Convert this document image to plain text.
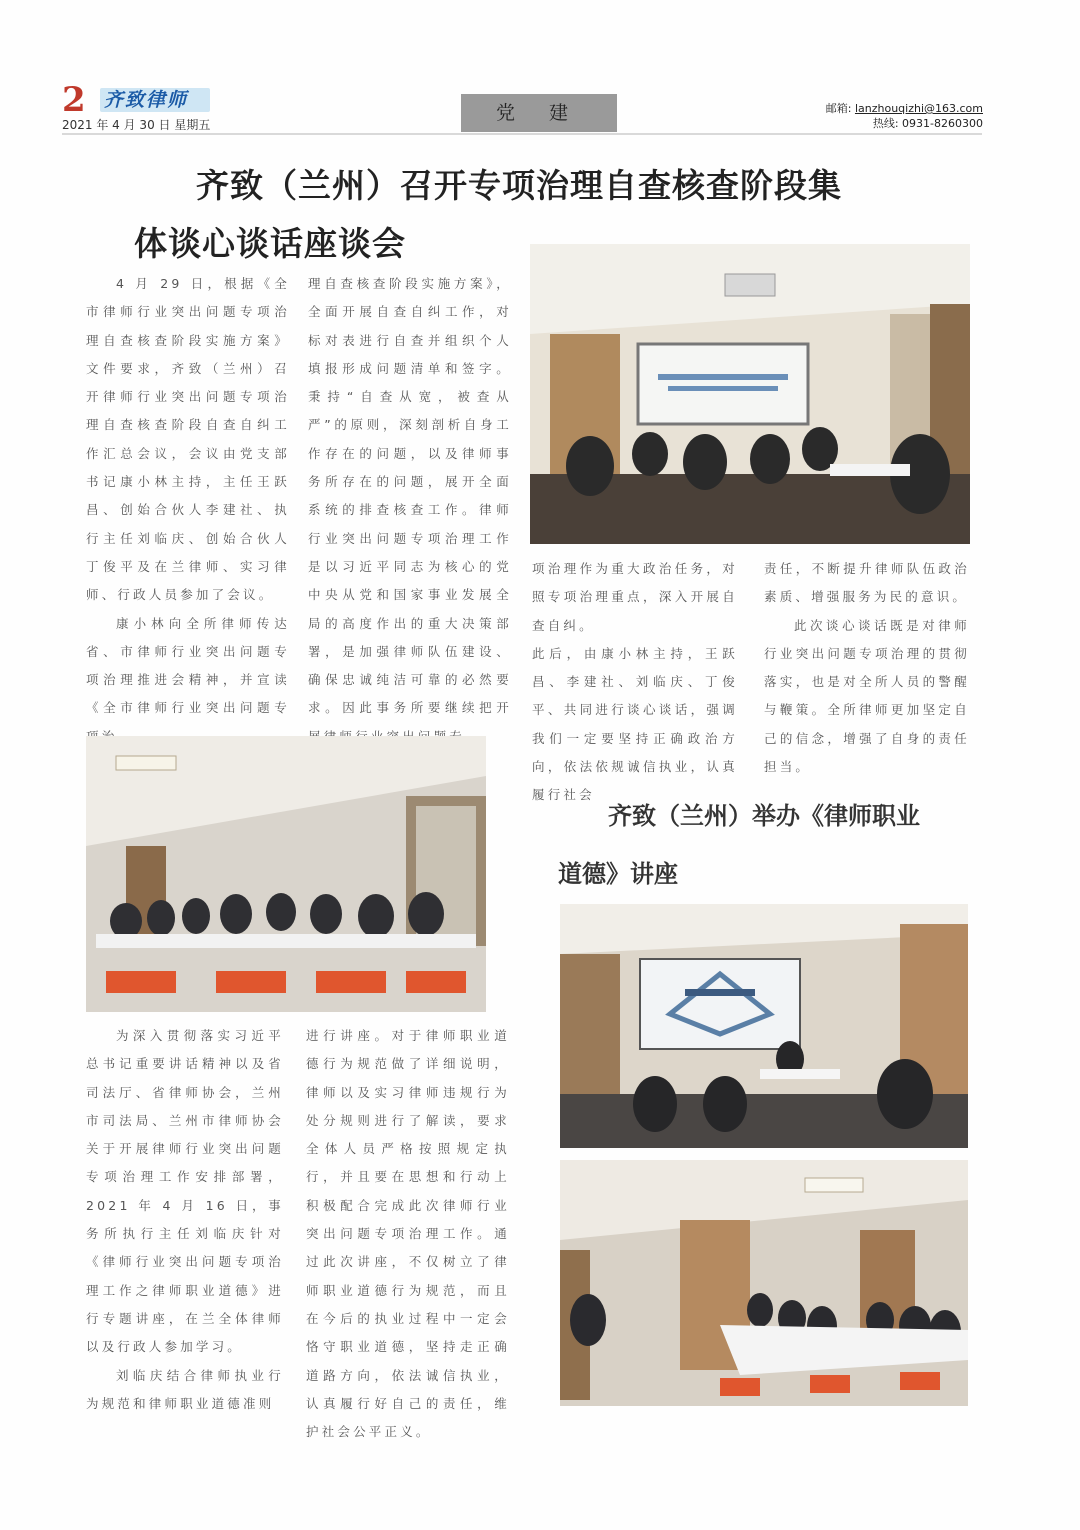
2 齐致律师
2021 年 4 月 30 日 星期五
党 建	邮箱: lanzhouqizhi@163.com
热线: 0931-8260300
齐致（兰州）召开专项治理自查核查阶段集
体谈心谈话座谈会

4 月 29 日，根据《全市律师行业突出问题专项治理自查核查阶段实施方案》文件要求，齐致（兰州）召开律师行业突出问题专项治理自查核查阶段自查自纠工作汇总会议，会议由党支部书记康小林主持，主任王跃昌、创始合伙人李建社、执行主任刘临庆、创始合伙人丁俊平及在兰律师、实习律师、行政人员参加了会议。

康小林向全所律师传达省、市律师行业突出问题专项治理推进会精神，并宣读《全市律师行业突出问题专

理自查核查阶段实施方案》，全面开展自查自纠工作，对标对表进行自查并组织个人填报形成问题清单和签字。秉持“自查从宽，被查从严”的原则，深刻剖析自身工作存在的问题，以及律师事务所存在的问题，展开全面系统的排查核查工作。律师行业突出问题专项治理工作是以习近平同志为核心的党中央从党和国家事业发展全局的高度作出的重大决策部署，是加强律师队伍建设、确保忠诚纯洁可靠的必然要求。因此事务所要继续把开

项治理作为重大政治任务，对照专项治理重点，深入开展自查自纠。

此后，由康小林主持，王跃昌、李建社、刘临庆、丁俊平、共同进行谈心谈话，强调我们一定要坚持正确政治方向，依法依规诚信执业，认真履行社会

责任，不断提升律师队伍政治素质、增强服务为民的意识。

此次谈心谈话既是对律师行业突出问题专项治理的贯彻落实，也是对全所人员的警醒与鞭策。全所律师更加坚定自己的信念，增强了自身的责任担当。

齐致（兰州）举办《律师职业
道德》讲座

为深入贯彻落实习近平总书记重要讲话精神以及省司法厅、省律师协会，兰州市司法局、兰州市律师协会关于开展律师行业突出问题专项治理工作安排部署，2021 年 4 月 16 日，事务所执行主任刘临庆针对《律师行业突出问题专项治理工作之律师职业道德》进行专题讲座，在兰全体律师以及行政人参加学习。

刘临庆结合律师执业行为规范和律师职业道德准则

进行讲座。对于律师职业道德行为规范做了详细说明，律师以及实习律师违规行为处分规则进行了解读，要求全体人员严格按照规定执行，并且要在思想和行动上积极配合完成此次律师行业突出问题专项治理工作。通过此次讲座，不仅树立了律师职业道德行为规范，而且在今后的执业过程中一定会恪守职业道德，坚持走正确道路方向，依法诚信执业，认真履行好自己的责任，维护社会公平正义。
